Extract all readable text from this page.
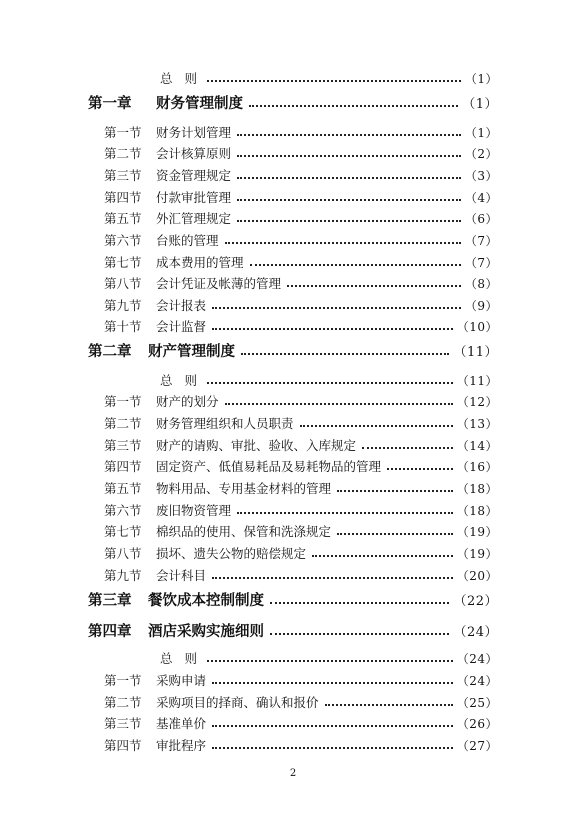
总 则	（1）
第一章 财务管理制度	（1）
第一节 财务计划管理	（1）
第二节 会计核算原则	（2）
第三节 资金管理规定	（3）
第四节 付款审批管理	（4）
第五节 外汇管理规定	（6）
第六节 台账的管理	（7）
第七节 成本费用的管理	（7）
第八节 会计凭证及帐薄的管理	（8）
第九节 会计报表	（9）
第十节 会计监督	（10）
第二章 财产管理制度	（11）
总 则	（11）
第一节 财产的划分	（12）
第二节 财务管理组织和人员职责	（13）
第三节 财产的请购、审批、验收、入库规定	（14）
第四节 固定资产、低值易耗品及易耗物品的管理	（16）
第五节 物料用品、专用基金材料的管理	（18）
第六节 废旧物资管理	（18）
第七节 棉织品的使用、保管和洗涤规定	（19）
第八节 损坏、遗失公物的赔偿规定	（19）
第九节 会计科目	（20）
第三章 餐饮成本控制制度	（22）
第四章 酒店采购实施细则	（24）
总 则	（24）
第一节 采购申请	（24）
第二节 采购项目的择商、确认和报价	（25）
第三节 基准单价	（26）
第四节 审批程序	（27）
2
